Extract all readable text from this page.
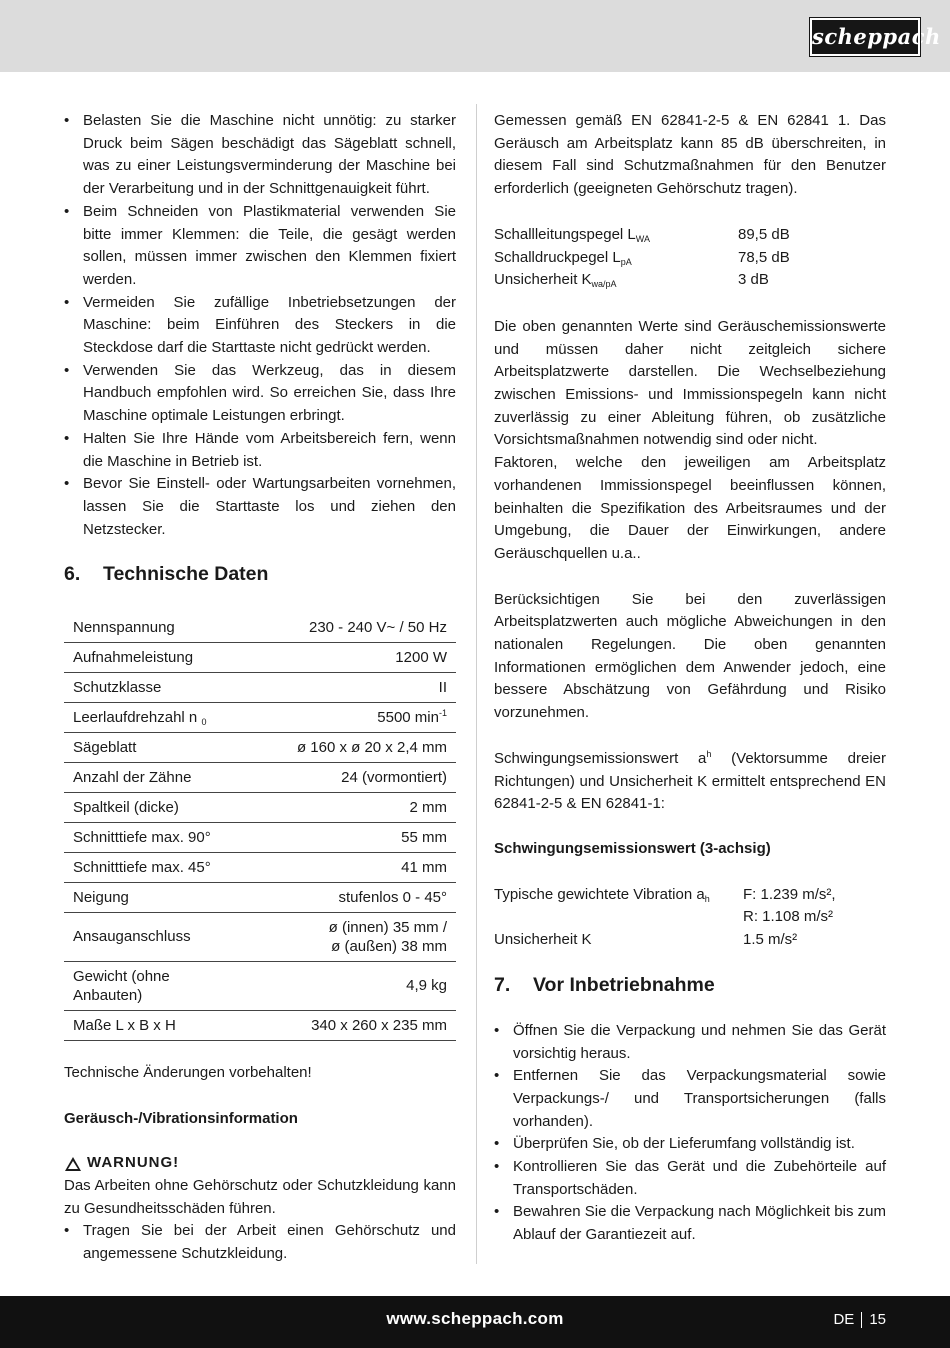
scheppach
• Belasten Sie die Maschine nicht unnötig: zu starker Druck beim Sägen beschädigt das Sägeblatt schnell, was zu einer Leistungsverminderung der Maschine bei der Verarbeitung und in der Schnittgenauigkeit führt.
• Beim Schneiden von Plastikmaterial verwenden Sie bitte immer Klemmen: die Teile, die gesägt werden sollen, müssen immer zwischen den Klemmen fixiert werden.
• Vermeiden Sie zufällige Inbetriebsetzungen der Maschine: beim Einführen des Steckers in die Steckdose darf die Starttaste nicht gedrückt werden.
• Verwenden Sie das Werkzeug, das in diesem Handbuch empfohlen wird. So erreichen Sie, dass Ihre Maschine optimale Leistungen erbringt.
• Halten Sie Ihre Hände vom Arbeitsbereich fern, wenn die Maschine in Betrieb ist.
• Bevor Sie Einstell- oder Wartungsarbeiten vornehmen, lassen Sie die Starttaste los und ziehen den Netzstecker.
6.	Technische Daten
Nennspannung	230 - 240 V~ / 50 Hz
Aufnahmeleistung	1200 W
Schutzklasse	II
Leerlaufdrehzahl n $_0$	5500 $\min^{-1}$
Sägeblatt	ø 160 x ø 20 x 2,4 mm
Anzahl der Zähne	24 (vormontiert)
Spaltkeil (dicke)	2 mm
Schnitttiefe max. 90°	55 mm
Schnitttiefe max. 45°	41 mm
Neigung	stufenlos 0 - 45°
Ansauganschluss	ø (innen) 35 mm /
ø (außen) 38 mm
Gewicht (ohne
Anbauten)	4,9 kg
Maße L x B x H	340 x 260 x 235 mm

Technische Änderungen vorbehalten!

Geräusch-/Vibrationsinformation

WARNUNG!

Das Arbeiten ohne Gehörschutz oder Schutzkleidung kann zu Gesundheitsschäden führen.

• Tragen Sie bei der Arbeit einen Gehörschutz und angemessene Schutzkleidung.

Gemessen gemäß EN 62841-2-5 & EN 62841 1. Das Geräusch am Arbeitsplatz kann 85 dB überschreiten, in diesem Fall sind Schutzmaßnahmen für den Benutzer erforderlich (geeigneten Gehörschutz tragen).

Schallleitungspegel $L_{WA}$	89,5 dB
Schalldruckpegel $L_{pA}$	78,5 dB
Unsicherheit $K_{wa/pA}$	3 dB

Die oben genannten Werte sind Geräuschemissionswerte und müssen daher nicht zeitgleich sichere Arbeitsplatzwerte darstellen. Die Wechselbeziehung zwischen Emissions- und Immissionspegeln kann nicht zuverlässig zu einer Ableitung führen, ob zusätzliche Vorsichtsmaßnahmen notwendig sind oder nicht.

Faktoren, welche den jeweiligen am Arbeitsplatz vorhandenen Immissionspegel beeinflussen können, beinhalten die Spezifikation des Arbeitsraumes und der Umgebung, die Dauer der Einwirkungen, andere Geräuschquellen u.a..

Berücksichtigen Sie bei den zuverlässigen Arbeitsplatzwerten auch mögliche Abweichungen in den nationalen Regelungen. Die oben genannten Informationen ermöglichen dem Anwender jedoch, eine bessere Abschätzung von Gefährdung und Risiko vorzunehmen.

Schwingungsemissionswert $a^h$ (Vektorsumme dreier Richtungen) und Unsicherheit K ermittelt entsprechend EN 62841-2-5 & EN 62841-1:

Schwingungsemissionswert (3-achsig)

Typische gewichtete Vibration $a_h$	F: 1.239 m/s²,
R: 1.108 m/s²
Unsicherheit K	1.5 m/s²
7.	Vor Inbetriebnahme
• Öffnen Sie die Verpackung und nehmen Sie das Gerät vorsichtig heraus.
• Entfernen Sie das Verpackungsmaterial sowie Verpackungs-/ und Transportsicherungen (falls vorhanden).
• Überprüfen Sie, ob der Lieferumfang vollständig ist.
• Kontrollieren Sie das Gerät und die Zubehörteile auf Transportschäden.
• Bewahren Sie die Verpackung nach Möglichkeit bis zum Ablauf der Garantiezeit auf.
www.scheppach.com	DE 15
